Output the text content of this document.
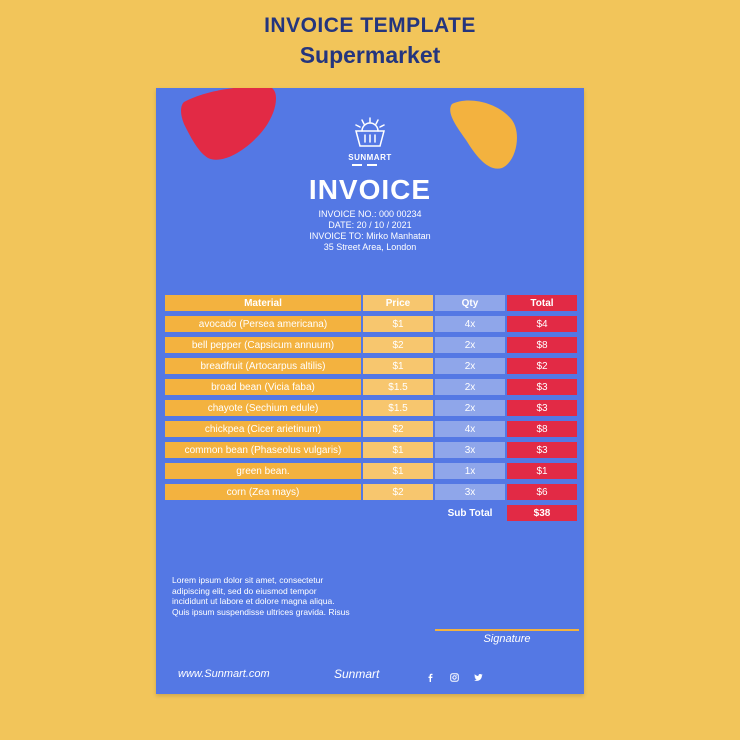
INVOICE TEMPLATE
Supermarket
SUNMART
INVOICE
INVOICE NO.: 000 00234
DATE: 20 / 10 / 2021
INVOICE TO: Mirko Manhatan
35 Street Area, London
Material		Price		Qty		Total
avocado (Persea americana)		$1		4x		$4
bell pepper (Capsicum annuum)		$2		2x		$8
breadfruit (Artocarpus altilis)		$1		2x		$2
broad bean (Vicia faba)		$1.5		2x		$3
chayote (Sechium edule)		$1.5		2x		$3
chickpea (Cicer arietinum)		$2		4x		$8
common bean (Phaseolus vulgaris)		$1		3x		$3
green bean.		$1		1x		$1
corn (Zea mays)		$2		3x		$6
				Sub Total		$38
Lorem ipsum dolor sit amet, consectetur adipiscing elit, sed do eiusmod tempor incididunt ut labore et dolore magna aliqua. Quis ipsum suspendisse ultrices gravida. Risus
Signature
www.Sunmart.com	Sunmart
